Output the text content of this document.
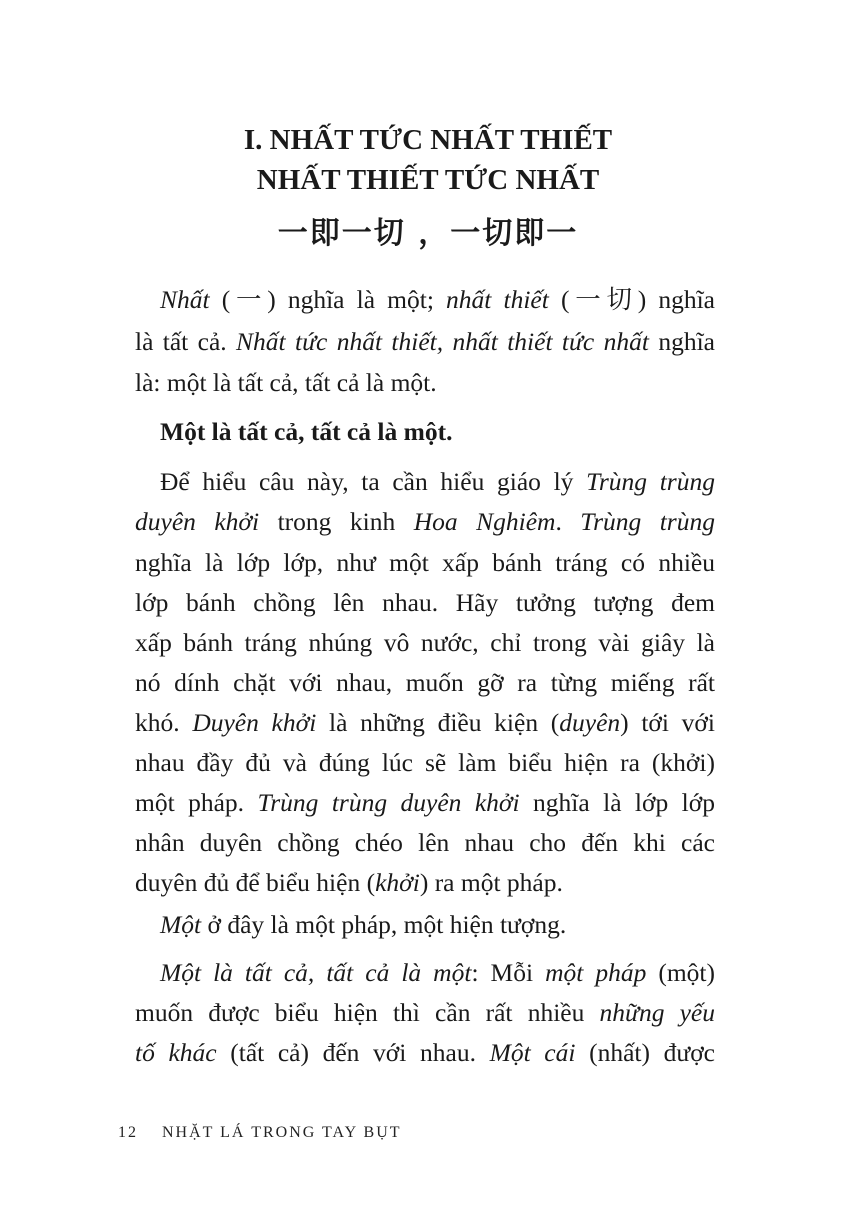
I. NHẤT TỨC NHẤT THIẾT
NHẤT THIẾT TỨC NHẤT
一即一切 ，一切即一
Nhất (一) nghĩa là một; nhất thiết (一切) nghĩa
là tất cả. Nhất tức nhất thiết, nhất thiết tức nhất nghĩa
là: một là tất cả, tất cả là một.
Một là tất cả, tất cả là một.
Để hiểu câu này, ta cần hiểu giáo lý Trùng trùng
duyên khởi trong kinh Hoa Nghiêm. Trùng trùng
nghĩa là lớp lớp, như một xấp bánh tráng có nhiều
lớp bánh chồng lên nhau. Hãy tưởng tượng đem
xấp bánh tráng nhúng vô nước, chỉ trong vài giây là
nó dính chặt với nhau, muốn gỡ ra từng miếng rất
khó. Duyên khởi là những điều kiện (duyên) tới với
nhau đầy đủ và đúng lúc sẽ làm biểu hiện ra (khởi)
một pháp. Trùng trùng duyên khởi nghĩa là lớp lớp
nhân duyên chồng chéo lên nhau cho đến khi các
duyên đủ để biểu hiện (khởi) ra một pháp.
Một ở đây là một pháp, một hiện tượng.
Một là tất cả, tất cả là một: Mỗi một pháp (một)
muốn được biểu hiện thì cần rất nhiều những yếu
tố khác (tất cả) đến với nhau. Một cái (nhất) được
12 NHẶT LÁ TRONG TAY BỤT
